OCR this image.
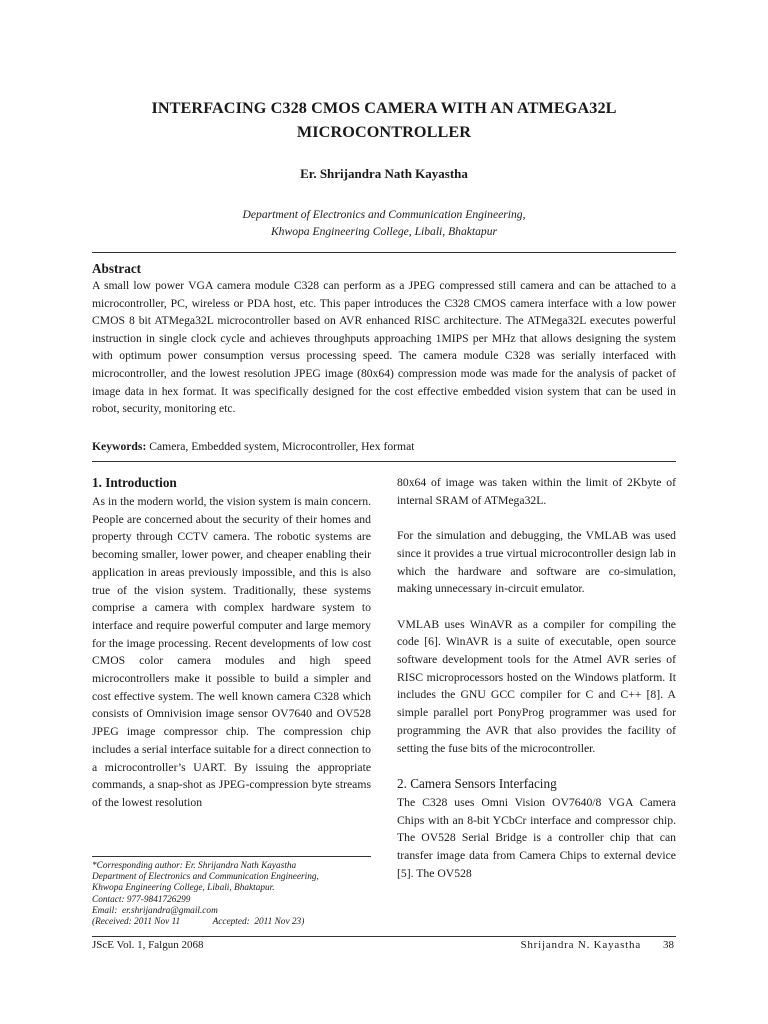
INTERFACING C328 CMOS CAMERA WITH AN ATMEGA32L
MICROCONTROLLER
Er. Shrijandra Nath Kayastha
Department of Electronics and Communication Engineering,
Khwopa Engineering College, Libali, Bhaktapur
Abstract

A small low power VGA camera module C328 can perform as a JPEG compressed still camera and can be attached to a microcontroller, PC, wireless or PDA host, etc. This paper introduces the C328 CMOS camera interface with a low power CMOS 8 bit ATMega32L microcontroller based on AVR enhanced RISC architecture. The ATMega32L executes powerful instruction in single clock cycle and achieves throughputs approaching 1MIPS per MHz that allows designing the system with optimum power consumption versus processing speed. The camera module C328 was serially interfaced with microcontroller, and the lowest resolution JPEG image (80x64) compression mode was made for the analysis of packet of image data in hex format. It was specifically designed for the cost effective embedded vision system that can be used in robot, security, monitoring etc.

Keywords: Camera, Embedded system, Microcontroller, Hex format
1. Introduction

As in the modern world, the vision system is main concern. People are concerned about the security of their homes and property through CCTV camera. The robotic systems are becoming smaller, lower power, and cheaper enabling their application in areas previously impossible, and this is also true of the vision system. Traditionally, these systems comprise a camera with complex hardware system to interface and require powerful computer and large memory for the image processing. Recent developments of low cost CMOS color camera modules and high speed microcontrollers make it possible to build a simpler and cost effective system. The well known camera C328 which consists of Omnivision image sensor OV7640 and OV528 JPEG image compressor chip. The compression chip includes a serial interface suitable for a direct connection to a microcontroller’s UART. By issuing the appropriate commands, a snap-shot as JPEG-compression byte streams of the lowest resolution

80x64 of image was taken within the limit of 2Kbyte of internal SRAM of ATMega32L.

For the simulation and debugging, the VMLAB was used since it provides a true virtual microcontroller design lab in which the hardware and software are co-simulation, making unnecessary in-circuit emulator.

VMLAB uses WinAVR as a compiler for compiling the code [6]. WinAVR is a suite of executable, open source software development tools for the Atmel AVR series of RISC microprocessors hosted on the Windows platform. It includes the GNU GCC compiler for C and C++ [8]. A simple parallel port PonyProg programmer was used for programming the AVR that also provides the facility of setting the fuse bits of the microcontroller.

2. Camera Sensors Interfacing

The C328 uses Omni Vision OV7640/8 VGA Camera Chips with an 8-bit YCbCr interface and compressor chip. The OV528 Serial Bridge is a controller chip that can transfer image data from Camera Chips to external device [5]. The OV528

*Corresponding author: Er. Shrijandra Nath Kayastha
Department of Electronics and Communication Engineering,
Khwopa Engineering College, Libali, Bhaktapur.
Contact: 977-9841726299
Email:  er.shrijandra@gmail.com
(Received: 2011 Nov 11              Accepted:  2011 Nov 23)
JScE Vol. 1, Falgun 2068	Shrijandra N. Kayastha 38
